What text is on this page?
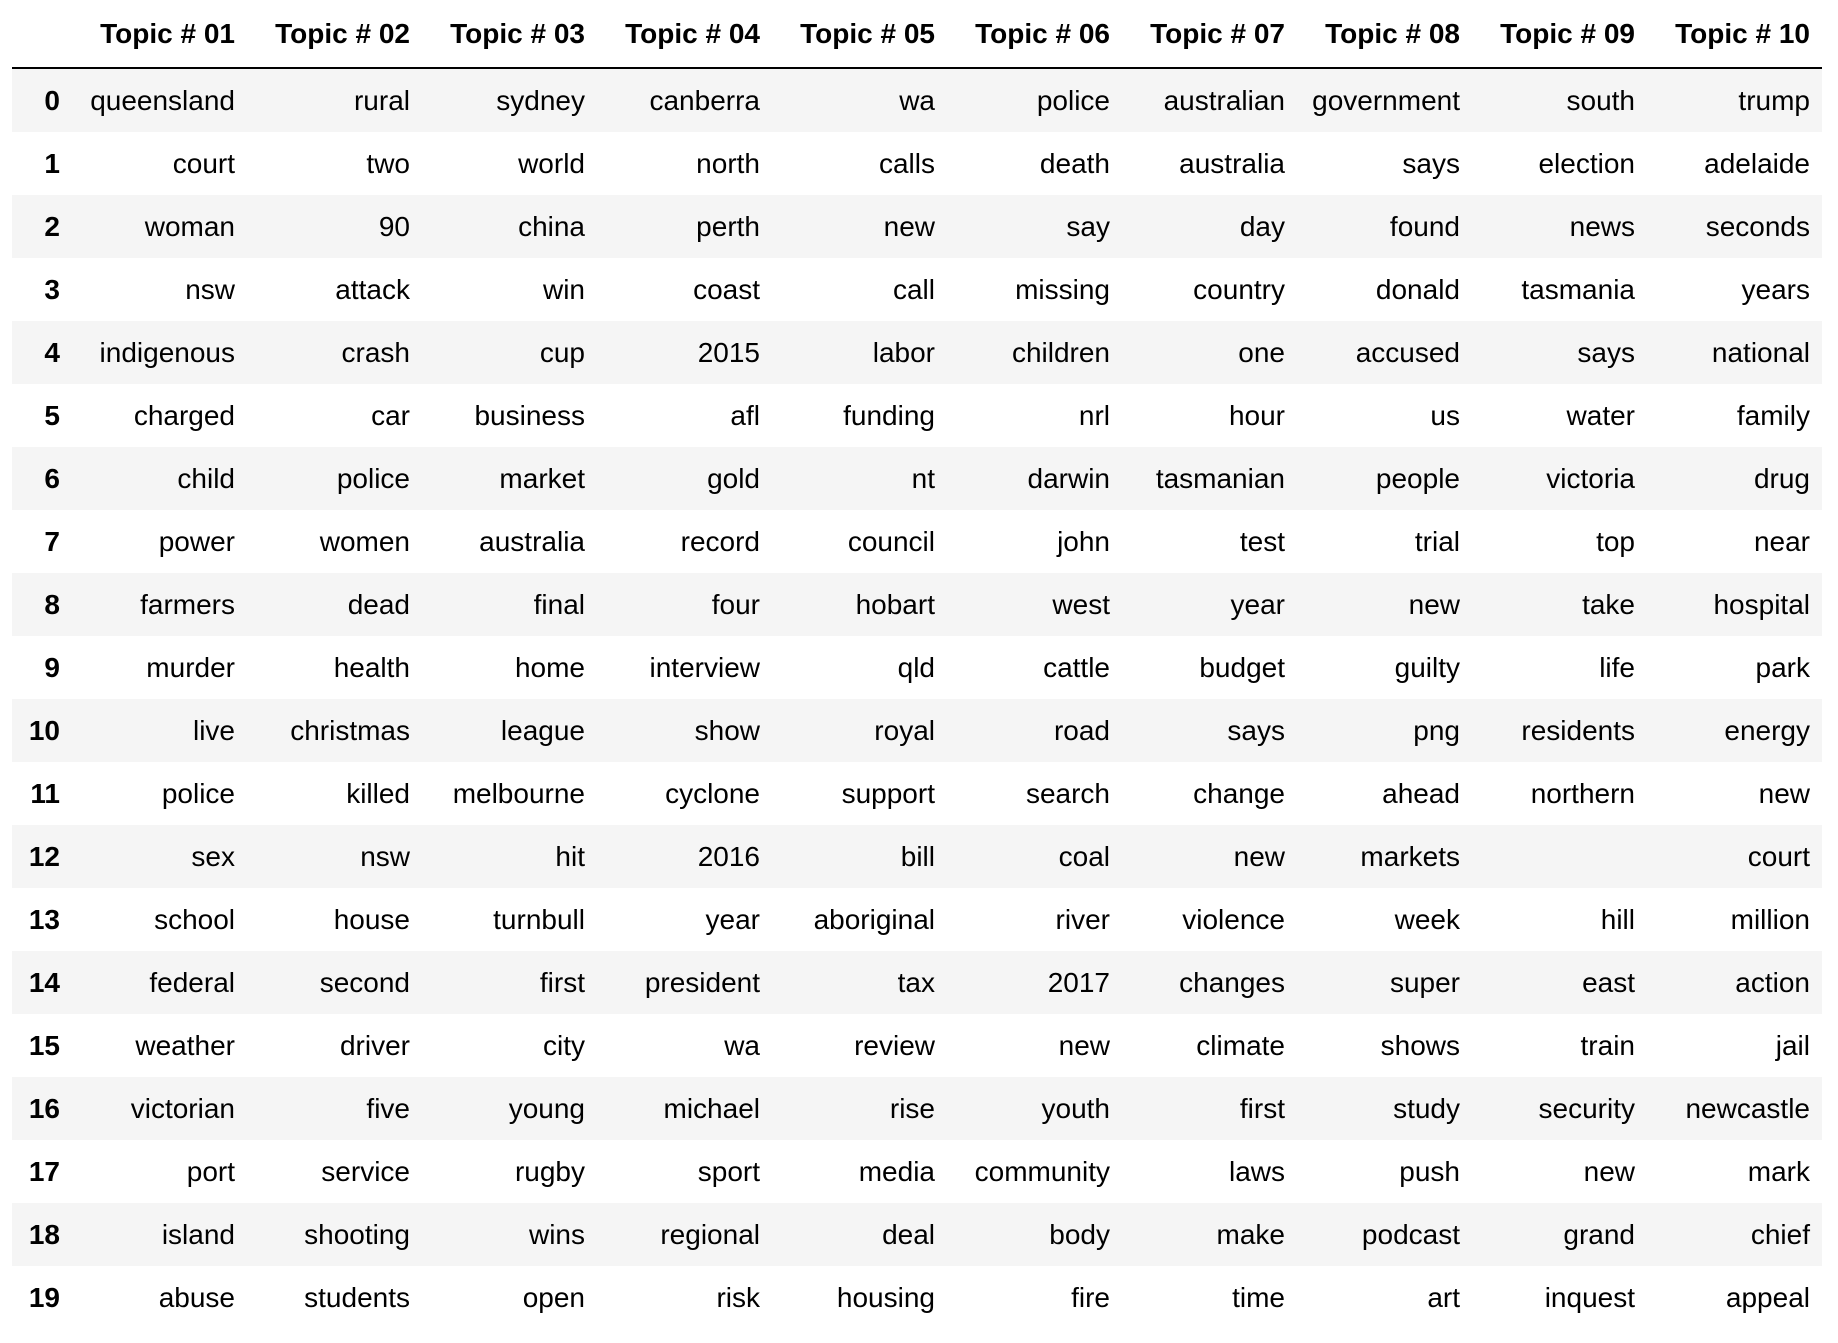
	Topic # 01	Topic # 02	Topic # 03	Topic # 04	Topic # 05	Topic # 06	Topic # 07	Topic # 08	Topic # 09	Topic # 10
0	queensland	rural	sydney	canberra	wa	police	australian	government	south	trump
1	court	two	world	north	calls	death	australia	says	election	adelaide
2	woman	90	china	perth	new	say	day	found	news	seconds
3	nsw	attack	win	coast	call	missing	country	donald	tasmania	years
4	indigenous	crash	cup	2015	labor	children	one	accused	says	national
5	charged	car	business	afl	funding	nrl	hour	us	water	family
6	child	police	market	gold	nt	darwin	tasmanian	people	victoria	drug
7	power	women	australia	record	council	john	test	trial	top	near
8	farmers	dead	final	four	hobart	west	year	new	take	hospital
9	murder	health	home	interview	qld	cattle	budget	guilty	life	park
10	live	christmas	league	show	royal	road	says	png	residents	energy
11	police	killed	melbourne	cyclone	support	search	change	ahead	northern	new
12	sex	nsw	hit	2016	bill	coal	new	markets		court
13	school	house	turnbull	year	aboriginal	river	violence	week	hill	million
14	federal	second	first	president	tax	2017	changes	super	east	action
15	weather	driver	city	wa	review	new	climate	shows	train	jail
16	victorian	five	young	michael	rise	youth	first	study	security	newcastle
17	port	service	rugby	sport	media	community	laws	push	new	mark
18	island	shooting	wins	regional	deal	body	make	podcast	grand	chief
19	abuse	students	open	risk	housing	fire	time	art	inquest	appeal
